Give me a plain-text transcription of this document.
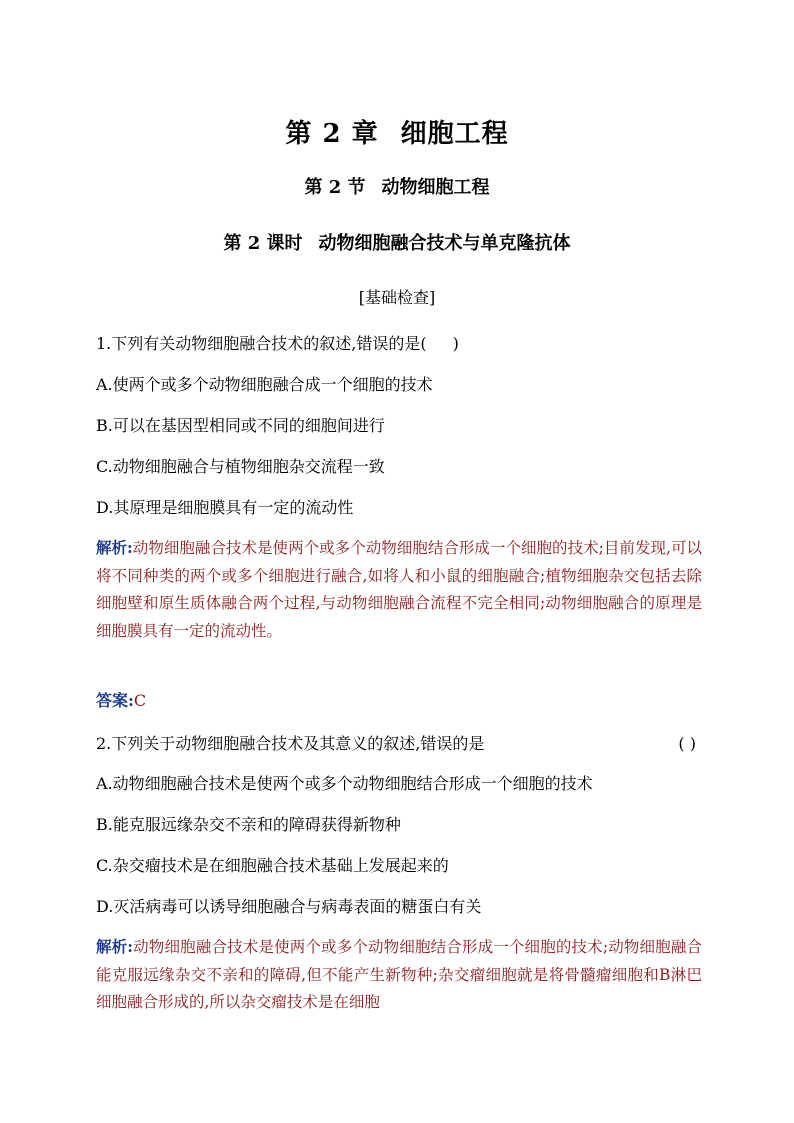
第 2 章 细胞工程
第 2 节 动物细胞工程
第 2 课时 动物细胞融合技术与单克隆抗体
[基础检查]
1.下列有关动物细胞融合技术的叙述,错误的是( )
A.使两个或多个动物细胞融合成一个细胞的技术
B.可以在基因型相同或不同的细胞间进行
C.动物细胞融合与植物细胞杂交流程一致
D.其原理是细胞膜具有一定的流动性
解析:动物细胞融合技术是使两个或多个动物细胞结合形成一个细胞的技术;目前发现,可以将不同种类的两个或多个细胞进行融合,如将人和小鼠的细胞融合;植物细胞杂交包括去除细胞壁和原生质体融合两个过程,与动物细胞融合流程不完全相同;动物细胞融合的原理是细胞膜具有一定的流动性。
答案:C
2.下列关于动物细胞融合技术及其意义的叙述,错误的是	( )
A.动物细胞融合技术是使两个或多个动物细胞结合形成一个细胞的技术
B.能克服远缘杂交不亲和的障碍获得新物种
C.杂交瘤技术是在细胞融合技术基础上发展起来的
D.灭活病毒可以诱导细胞融合与病毒表面的糖蛋白有关
解析:动物细胞融合技术是使两个或多个动物细胞结合形成一个细胞的技术;动物细胞融合能克服远缘杂交不亲和的障碍,但不能产生新物种;杂交瘤细胞就是将骨髓瘤细胞和B淋巴细胞融合形成的,所以杂交瘤技术是在细胞
